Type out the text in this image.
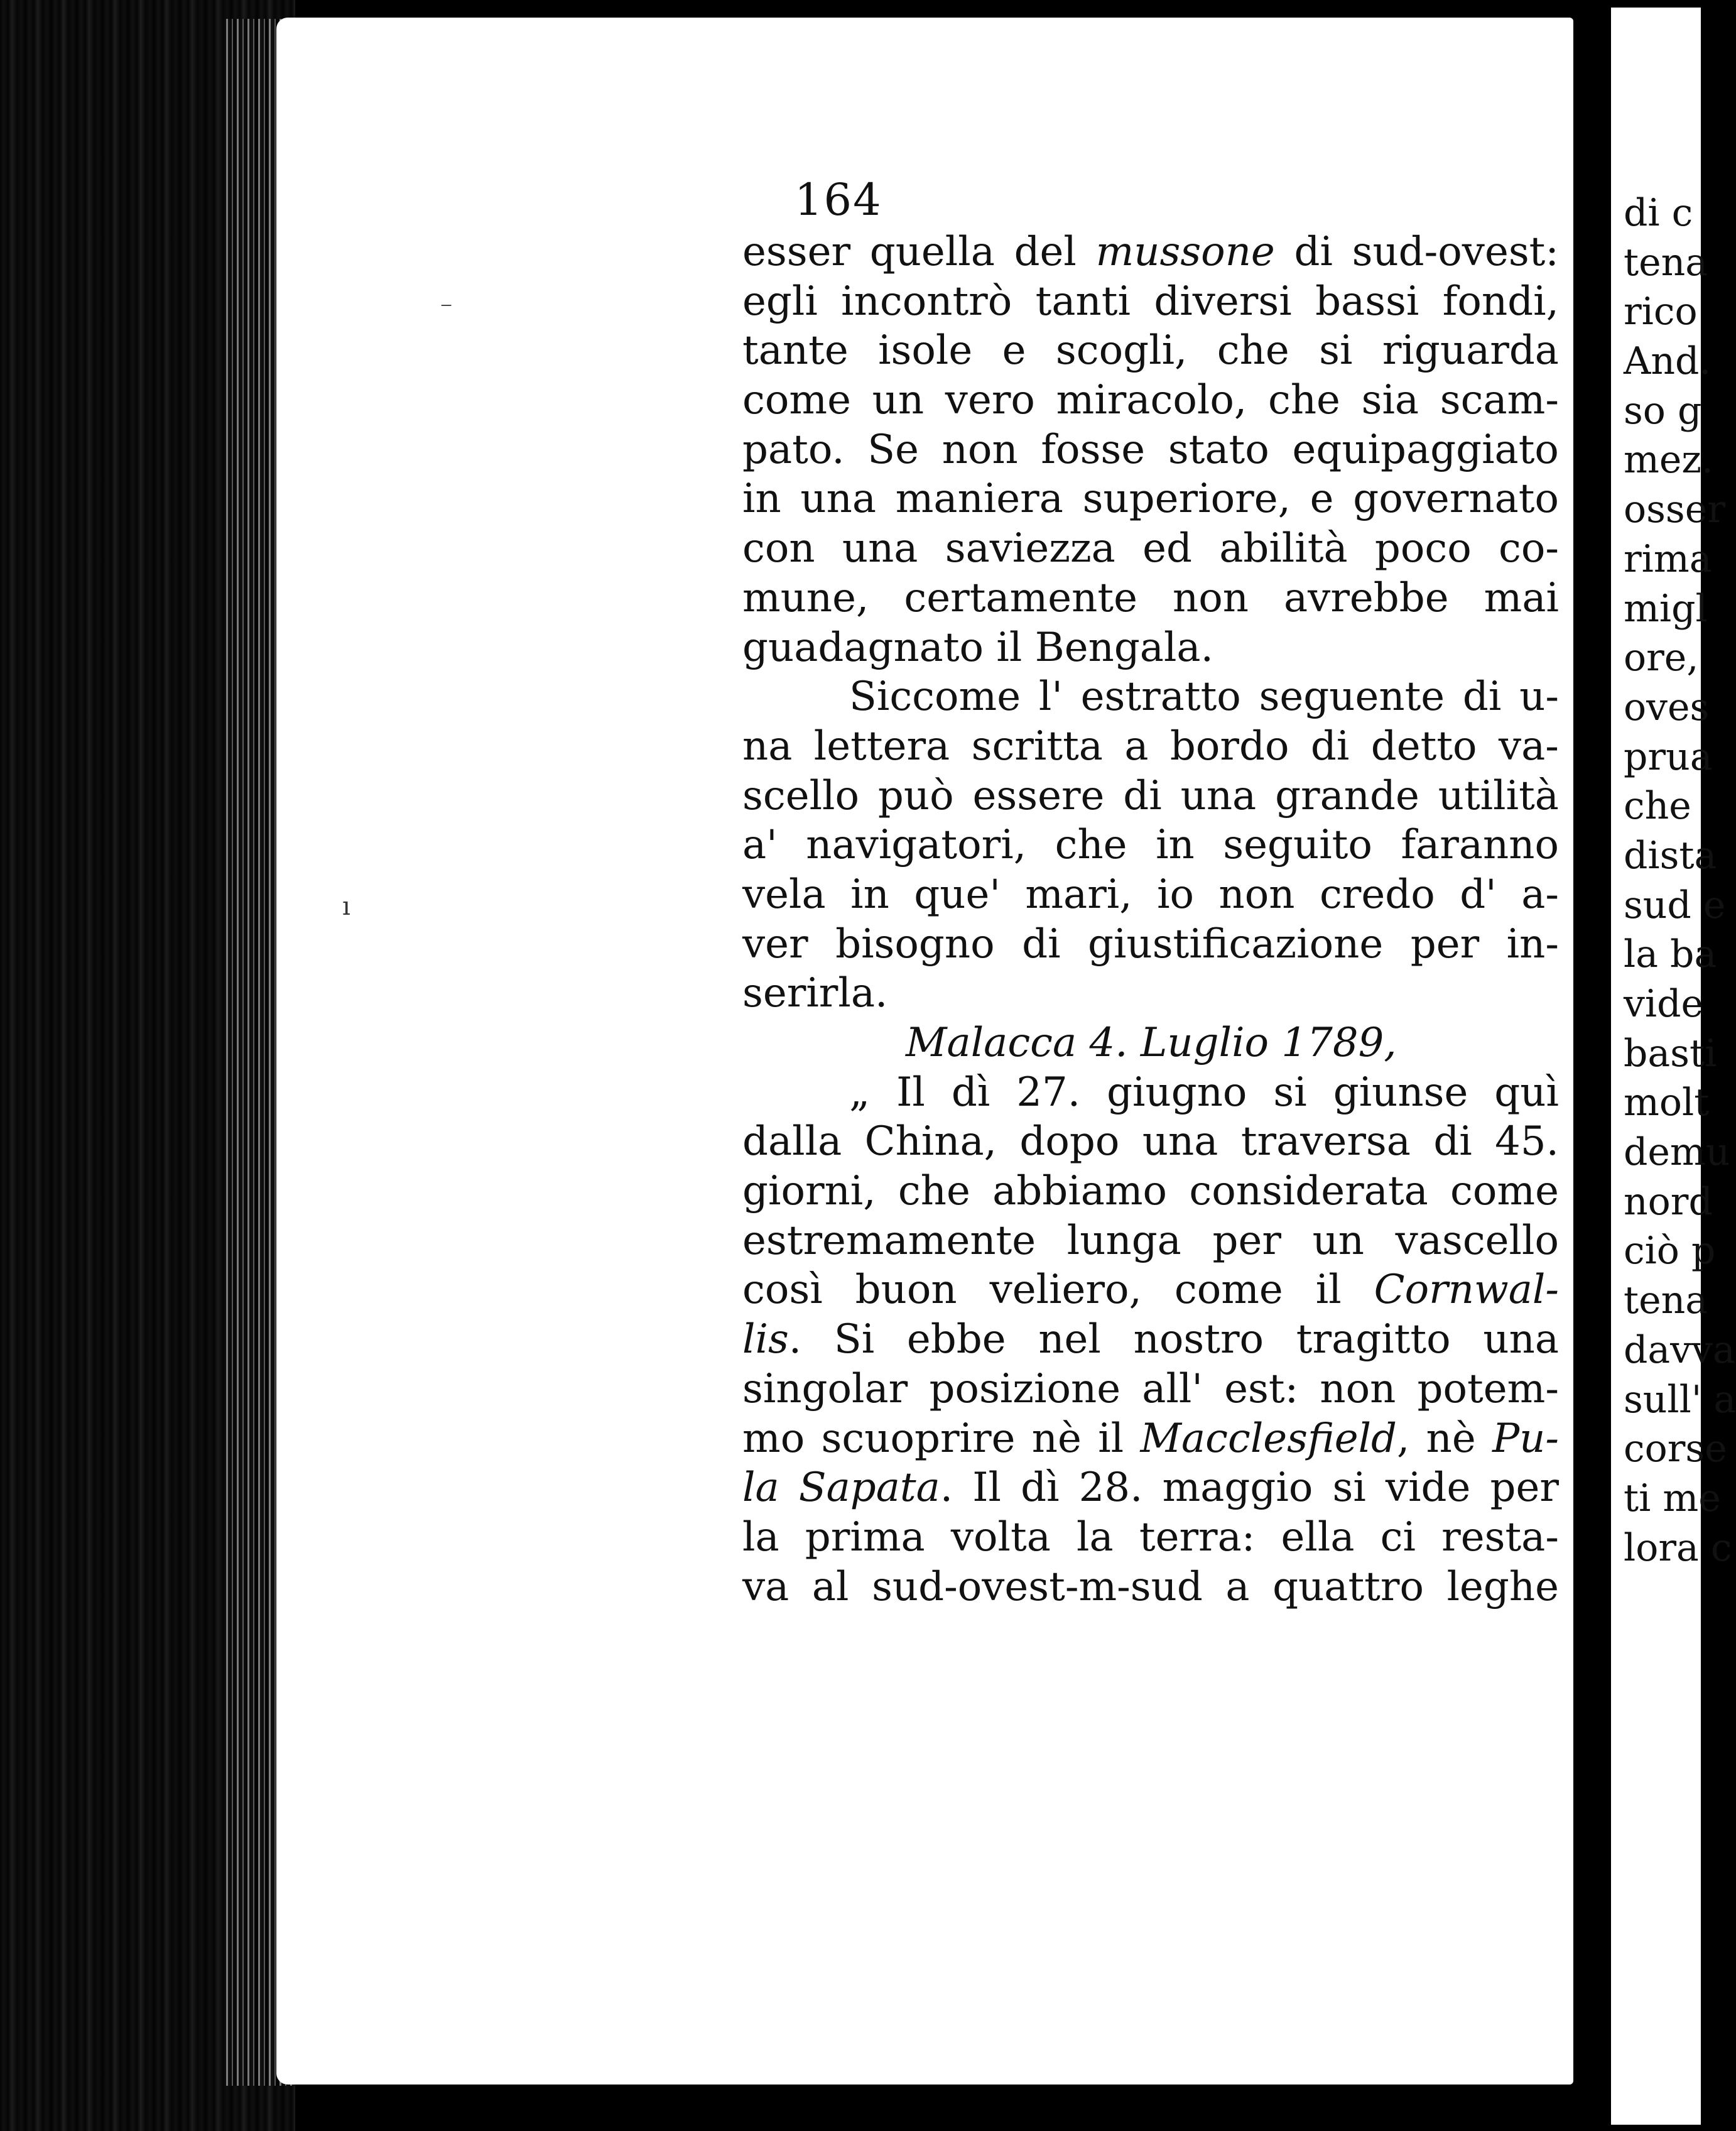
164
esser quella del mussone di sud-ovest:
egli incontrò tanti diversi bassi fondi,
tante isole e scogli, che si riguarda
come un vero miracolo, che sia scam-
pato. Se non fosse stato equipaggiato
in una maniera superiore, e governato
con una saviezza ed abilità poco co-
mune, certamente non avrebbe mai
guadagnato il Bengala.
Siccome l' estratto seguente di u-
na lettera scritta a bordo di detto va-
scello può essere di una grande utilità
a' navigatori, che in seguito faranno
vela in que' mari, io non credo d' a-
ver bisogno di giustificazione per in-
serirla.
Malacca 4. Luglio 1789,
„ Il dì 27. giugno si giunse quì
dalla China, dopo una traversa di 45.
giorni, che abbiamo considerata come
estremamente lunga per un vascello
così buon veliero, come il Cornwal-
lis. Si ebbe nel nostro tragitto una
singolar posizione all' est: non potem-
mo scuoprire nè il Macclesfield, nè Pu-
la Sapata. Il dì 28. maggio si vide per
la prima volta la terra: ella ci resta-
va al sud-ovest-m-sud a quattro leghe
di c
tena
rico
And.
so g
mez.
osser
rima
migl
ore,
oves
prua
che
dista
sud e
la ba
vide
basti
molt
demu
nord
ciò p
tena
davva
sull' a
corse
ti me
lora c
⁻
ı
